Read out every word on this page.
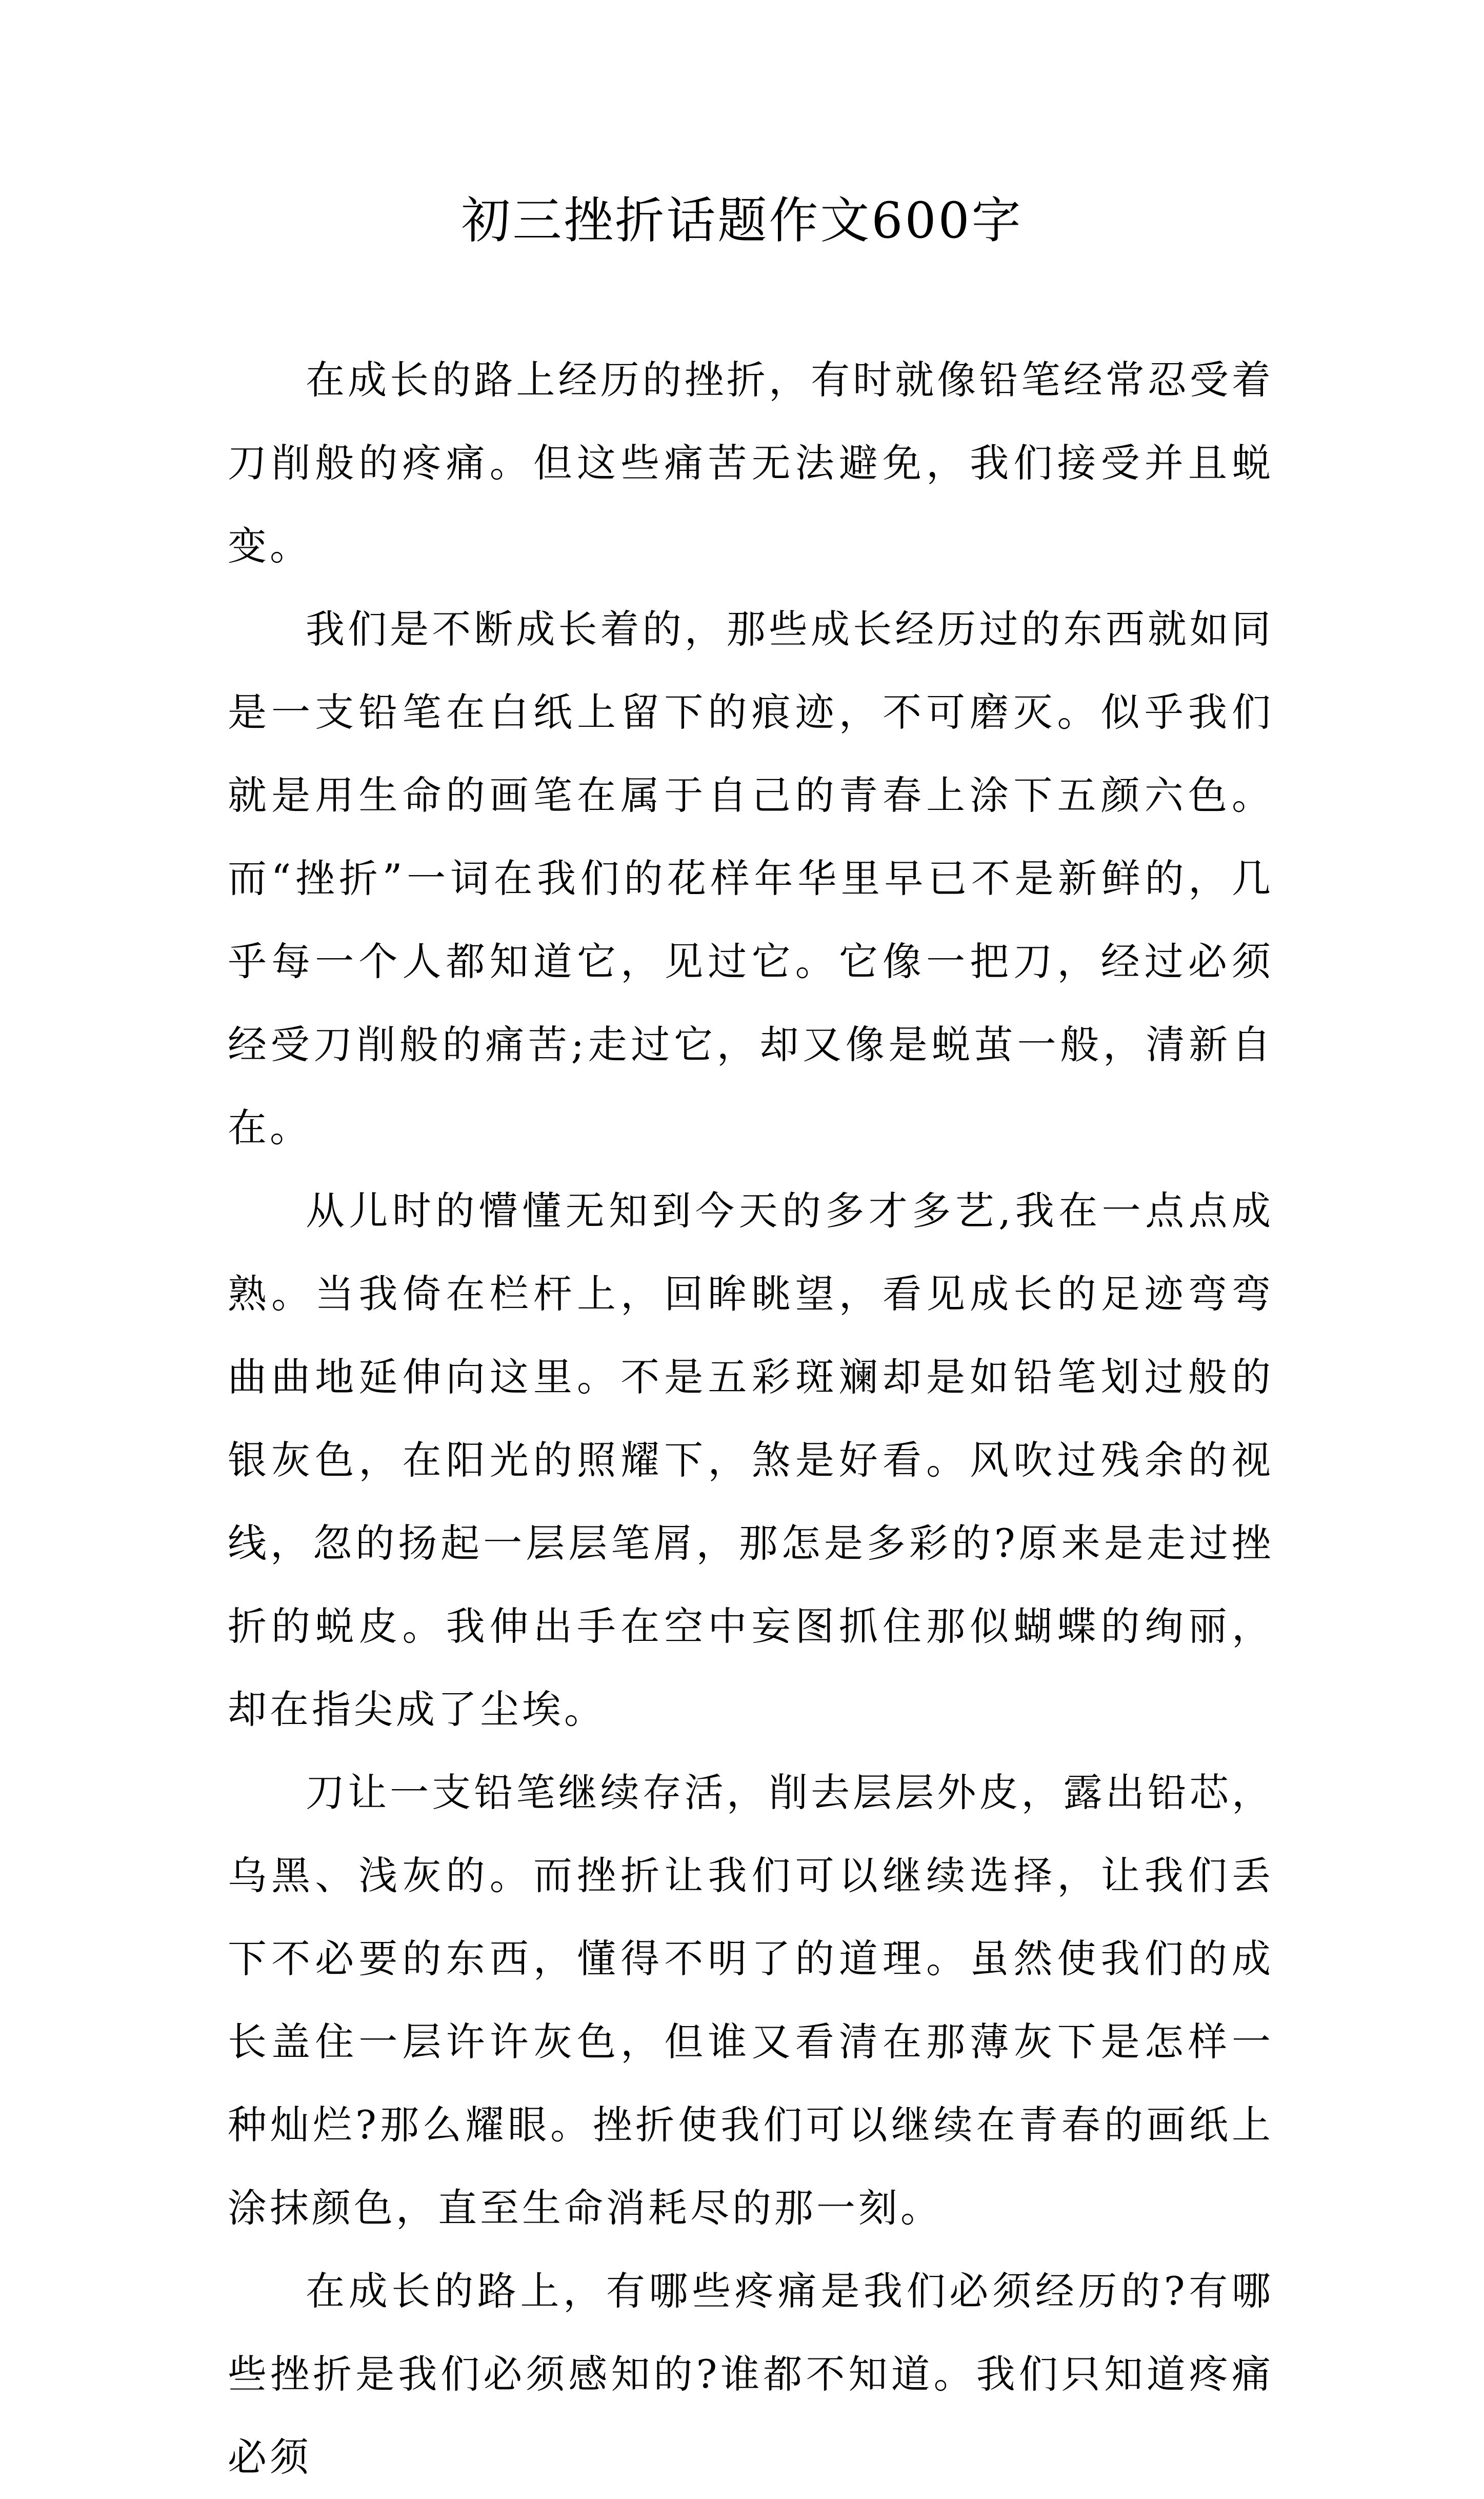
初三挫折话题作文600字

在成长的路上经历的挫折，有时就像铅笔经常忍受着刀削般的疼痛。但这些痛苦无法避免，我们接受并且蜕变。

我们是不断成长着的，那些成长经历过的东西就如同是一支铅笔在白纸上留下的痕迹，不可磨灭。似乎我们就是用生命的画笔在属于自己的青春上涂下五颜六色。而“挫折”一词在我们的花样年华里早已不是新鲜的，几乎每一个人都知道它，见过它。它像一把刀，经过必须经受刀削般的痛苦;走过它，却又像是蜕茧一般，清新自在。

从儿时的懵懂无知到今天的多才多艺,我在一点点成熟。当我倚在栏杆上，回眸眺望，看见成长的足迹弯弯曲曲地延伸向这里。不是五彩斑斓却是如铅笔划过般的银灰色，在阳光的照耀下，煞是好看。风吹过残余的视线，忽的扬起一层层笔屑，那怎是多彩的?原来是走过挫折的蜕皮。我伸出手在空中妄图抓住那似蝴蝶的绚丽，却在指尖成了尘埃。

刀让一支铅笔继续存活，削去层层外皮，露出铅芯，乌黑、浅灰的。而挫折让我们可以继续选择，让我们丢下不必要的东西，懂得不明了的道理。虽然使我们的成长盖住一层许许灰色，但谁又看清在那薄灰下是怎样一种灿烂?那么耀眼。挫折使我们可以继续在青春的画纸上涂抹颜色，直至生命消耗尽的那一刻。

在成长的路上，有哪些疼痛是我们必须经历的?有哪些挫折是我们必须感知的?谁都不知道。我们只知道疼痛必须
